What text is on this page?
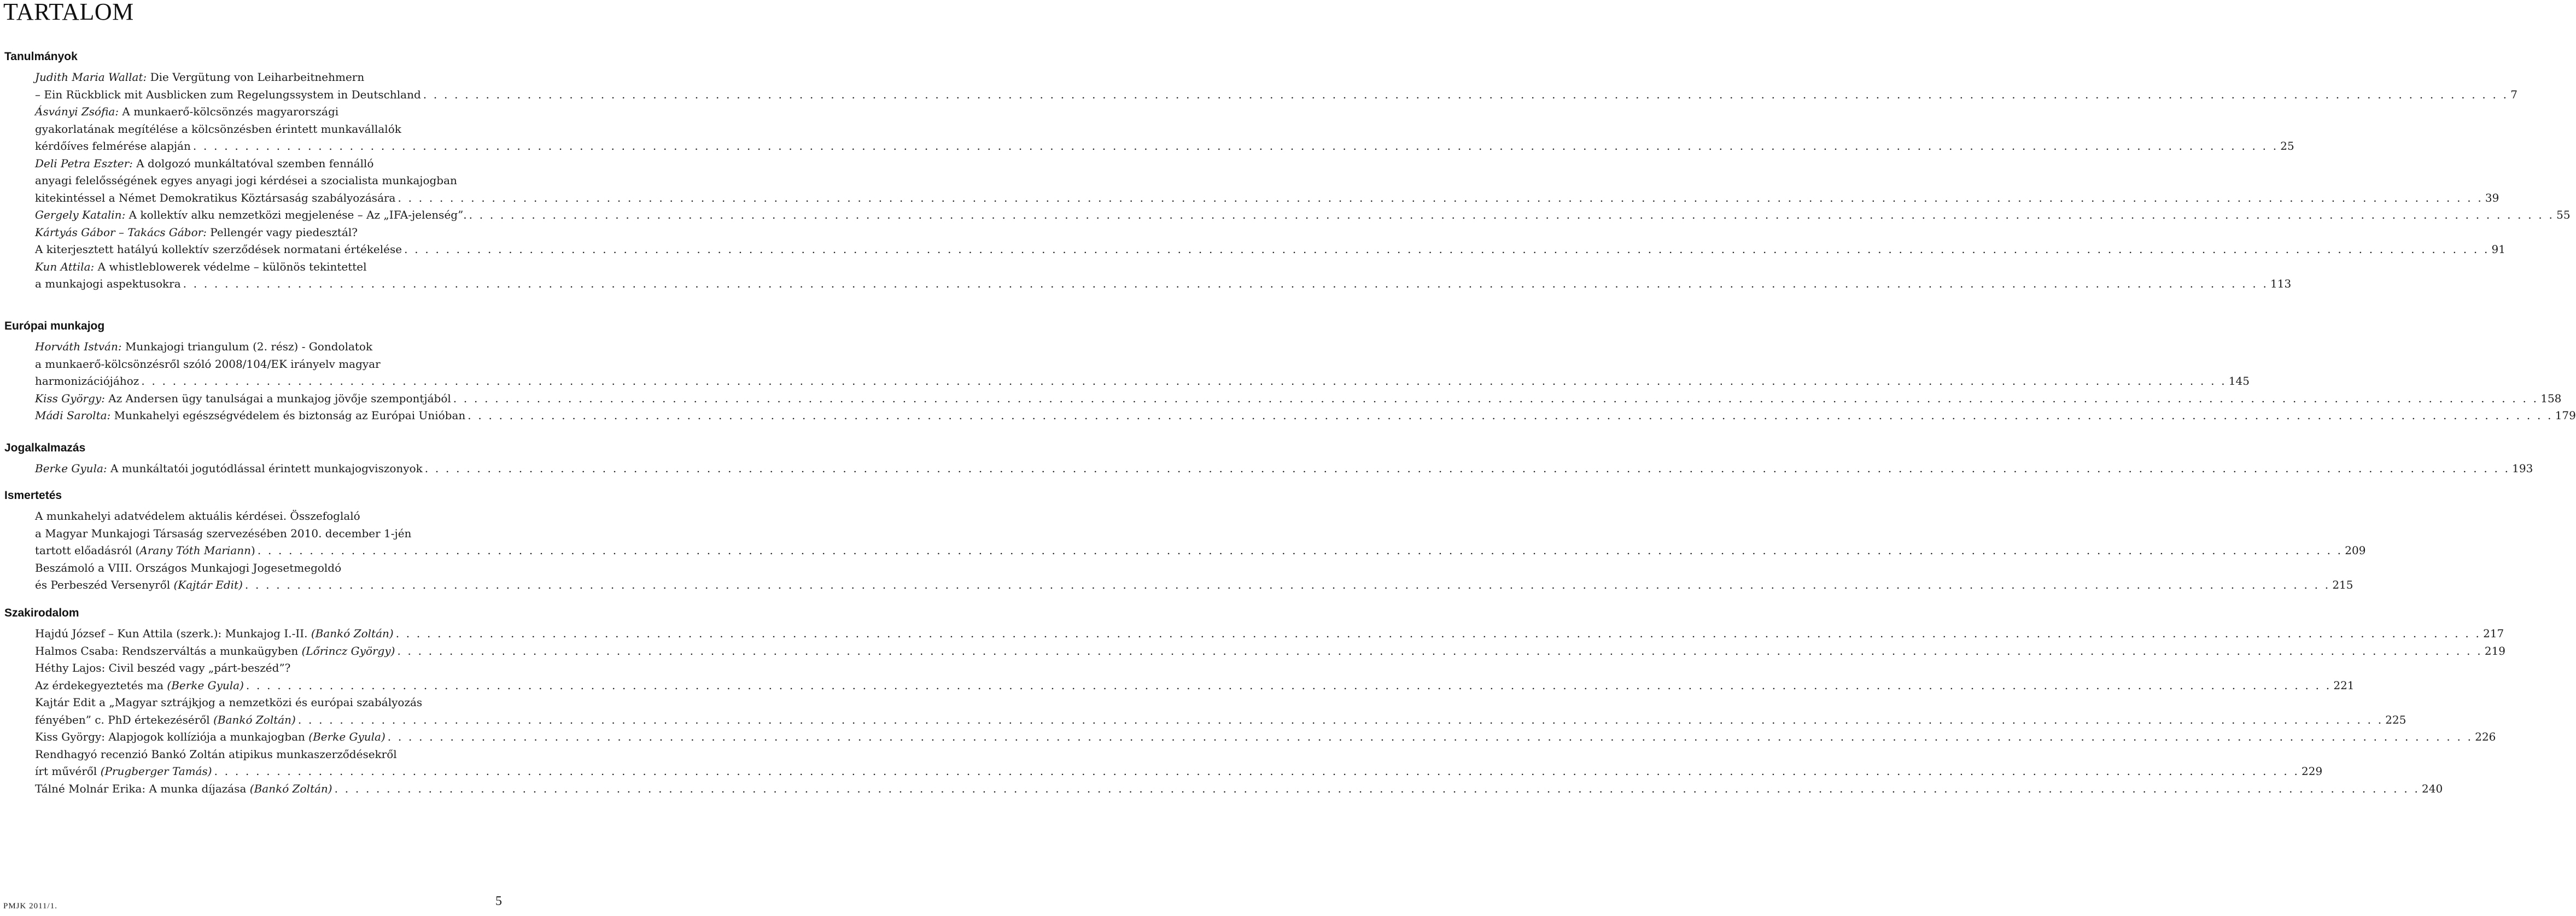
TARTALOM
Tanulmányok
Judith Maria Wallat: Die Vergütung von Leiharbeitnehmern
– Ein Rückblick mit Ausblicken zum Regelungssystem in Deutschland . . . . . . . . . . . . . . . . . . . . . . . . . . . . . . . . . . . . . . . . . . . . . . . . . . . . . . . . . . . . . . . . . . . . . . . . . . . . . . . . . . . . . . . . . . . . . . . . . . . . . . . . . . . . . . . . . . . . . . . . . . . . . . . . . . . . . . . . . . . . . . . . . . . . . . . . . . . . . . . . . . . . . . . . . . . . . . . . . . . . . . . . . . . . . . . . . . . . . . . . 7
Ásványi Zsófia: A munkaerő-kölcsönzés magyarországi
gyakorlatának megítélése a kölcsönzésben érintett munkavállalók
kérdőíves felmérése alapján . . . . . . . . . . . . . . . . . . . . . . . . . . . . . . . . . . . . . . . . . . . . . . . . . . . . . . . . . . . . . . . . . . . . . . . . . . . . . . . . . . . . . . . . . . . . . . . . . . . . . . . . . . . . . . . . . . . . . . . . . . . . . . . . . . . . . . . . . . . . . . . . . . . . . . . . . . . . . . . . . . . . . . . . . . . . . . . . . . . . . . . . . . . . . . . . . . . . . . . . 25
Deli Petra Eszter: A dolgozó munkáltatóval szemben fennálló
anyagi felelősségének egyes anyagi jogi kérdései a szocialista munkajogban
kitekintéssel a Német Demokratikus Köztársaság szabályozására . . . . . . . . . . . . . . . . . . . . . . . . . . . . . . . . . . . . . . . . . . . . . . . . . . . . . . . . . . . . . . . . . . . . . . . . . . . . . . . . . . . . . . . . . . . . . . . . . . . . . . . . . . . . . . . . . . . . . . . . . . . . . . . . . . . . . . . . . . . . . . . . . . . . . . . . . . . . . . . . . . . . . . . . . . . . . . . . . . . . . . . . . . . . . . . . . . . . . . . . 39
Gergely Katalin: A kollektív alku nemzetközi megjelenése – Az „IFA-jelenség”. . . . . . . . . . . . . . . . . . . . . . . . . . . . . . . . . . . . . . . . . . . . . . . . . . . . . . . . . . . . . . . . . . . . . . . . . . . . . . . . . . . . . . . . . . . . . . . . . . . . . . . . . . . . . . . . . . . . . . . . . . . . . . . . . . . . . . . . . . . . . . . . . . . . . . . . . . . . . . . . . . . . . . . . . . . . . . . . . . . . . . . . . . . . . . . . . . . . . . . . . 55
Kártyás Gábor – Takács Gábor: Pellengér vagy piedesztál?
A kiterjesztett hatályú kollektív szerződések normatani értékelése . . . . . . . . . . . . . . . . . . . . . . . . . . . . . . . . . . . . . . . . . . . . . . . . . . . . . . . . . . . . . . . . . . . . . . . . . . . . . . . . . . . . . . . . . . . . . . . . . . . . . . . . . . . . . . . . . . . . . . . . . . . . . . . . . . . . . . . . . . . . . . . . . . . . . . . . . . . . . . . . . . . . . . . . . . . . . . . . . . . . . . . . . . . . . . . . . . . . . . . . 91
Kun Attila: A whistleblowerek védelme – különös tekintettel
a munkajogi aspektusokra . . . . . . . . . . . . . . . . . . . . . . . . . . . . . . . . . . . . . . . . . . . . . . . . . . . . . . . . . . . . . . . . . . . . . . . . . . . . . . . . . . . . . . . . . . . . . . . . . . . . . . . . . . . . . . . . . . . . . . . . . . . . . . . . . . . . . . . . . . . . . . . . . . . . . . . . . . . . . . . . . . . . . . . . . . . . . . . . . . . . . . . . . . . . . . . . . . . . . . . . 113
Európai munkajog
Horváth István: Munkajogi triangulum (2. rész) - Gondolatok
a munkaerő-kölcsönzésről szóló 2008/104/EK irányelv magyar
harmonizációjához . . . . . . . . . . . . . . . . . . . . . . . . . . . . . . . . . . . . . . . . . . . . . . . . . . . . . . . . . . . . . . . . . . . . . . . . . . . . . . . . . . . . . . . . . . . . . . . . . . . . . . . . . . . . . . . . . . . . . . . . . . . . . . . . . . . . . . . . . . . . . . . . . . . . . . . . . . . . . . . . . . . . . . . . . . . . . . . . . . . . . . . . . . . . . . . . . . . . . . . . 145
Kiss György: Az Andersen ügy tanulságai a munkajog jövője szempontjából . . . . . . . . . . . . . . . . . . . . . . . . . . . . . . . . . . . . . . . . . . . . . . . . . . . . . . . . . . . . . . . . . . . . . . . . . . . . . . . . . . . . . . . . . . . . . . . . . . . . . . . . . . . . . . . . . . . . . . . . . . . . . . . . . . . . . . . . . . . . . . . . . . . . . . . . . . . . . . . . . . . . . . . . . . . . . . . . . . . . . . . . . . . . . . . . . . . . . . . . 158
Mádi Sarolta: Munkahelyi egészségvédelem és biztonság az Európai Unióban . . . . . . . . . . . . . . . . . . . . . . . . . . . . . . . . . . . . . . . . . . . . . . . . . . . . . . . . . . . . . . . . . . . . . . . . . . . . . . . . . . . . . . . . . . . . . . . . . . . . . . . . . . . . . . . . . . . . . . . . . . . . . . . . . . . . . . . . . . . . . . . . . . . . . . . . . . . . . . . . . . . . . . . . . . . . . . . . . . . . . . . . . . . . . . . . . . . . . . . . 179
Jogalkalmazás
Berke Gyula: A munkáltatói jogutódlással érintett munkajogviszonyok . . . . . . . . . . . . . . . . . . . . . . . . . . . . . . . . . . . . . . . . . . . . . . . . . . . . . . . . . . . . . . . . . . . . . . . . . . . . . . . . . . . . . . . . . . . . . . . . . . . . . . . . . . . . . . . . . . . . . . . . . . . . . . . . . . . . . . . . . . . . . . . . . . . . . . . . . . . . . . . . . . . . . . . . . . . . . . . . . . . . . . . . . . . . . . . . . . . . . . . . 193
Ismertetés
A munkahelyi adatvédelem aktuális kérdései. Összefoglaló
a Magyar Munkajogi Társaság szervezésében 2010. december 1-jén
tartott előadásról (Arany Tóth Mariann) . . . . . . . . . . . . . . . . . . . . . . . . . . . . . . . . . . . . . . . . . . . . . . . . . . . . . . . . . . . . . . . . . . . . . . . . . . . . . . . . . . . . . . . . . . . . . . . . . . . . . . . . . . . . . . . . . . . . . . . . . . . . . . . . . . . . . . . . . . . . . . . . . . . . . . . . . . . . . . . . . . . . . . . . . . . . . . . . . . . . . . . . . . . . . . . . . . . . . . . . 209
Beszámoló a VIII. Országos Munkajogi Jogesetmegoldó
és Perbeszéd Versenyről (Kajtár Edit) . . . . . . . . . . . . . . . . . . . . . . . . . . . . . . . . . . . . . . . . . . . . . . . . . . . . . . . . . . . . . . . . . . . . . . . . . . . . . . . . . . . . . . . . . . . . . . . . . . . . . . . . . . . . . . . . . . . . . . . . . . . . . . . . . . . . . . . . . . . . . . . . . . . . . . . . . . . . . . . . . . . . . . . . . . . . . . . . . . . . . . . . . . . . . . . . . . . . . . . . 215
Szakirodalom
Hajdú József – Kun Attila (szerk.): Munkajog I.-II. (Bankó Zoltán) . . . . . . . . . . . . . . . . . . . . . . . . . . . . . . . . . . . . . . . . . . . . . . . . . . . . . . . . . . . . . . . . . . . . . . . . . . . . . . . . . . . . . . . . . . . . . . . . . . . . . . . . . . . . . . . . . . . . . . . . . . . . . . . . . . . . . . . . . . . . . . . . . . . . . . . . . . . . . . . . . . . . . . . . . . . . . . . . . . . . . . . . . . . . . . . . . . . . . . . . 217
Halmos Csaba: Rendszerváltás a munkaügyben (Lőrincz György) . . . . . . . . . . . . . . . . . . . . . . . . . . . . . . . . . . . . . . . . . . . . . . . . . . . . . . . . . . . . . . . . . . . . . . . . . . . . . . . . . . . . . . . . . . . . . . . . . . . . . . . . . . . . . . . . . . . . . . . . . . . . . . . . . . . . . . . . . . . . . . . . . . . . . . . . . . . . . . . . . . . . . . . . . . . . . . . . . . . . . . . . . . . . . . . . . . . . . . . . 219
Héthy Lajos: Civil beszéd vagy „párt-beszéd”?
Az érdekegyeztetés ma (Berke Gyula) . . . . . . . . . . . . . . . . . . . . . . . . . . . . . . . . . . . . . . . . . . . . . . . . . . . . . . . . . . . . . . . . . . . . . . . . . . . . . . . . . . . . . . . . . . . . . . . . . . . . . . . . . . . . . . . . . . . . . . . . . . . . . . . . . . . . . . . . . . . . . . . . . . . . . . . . . . . . . . . . . . . . . . . . . . . . . . . . . . . . . . . . . . . . . . . . . . . . . . . . 221
Kajtár Edit a „Magyar sztrájkjog a nemzetközi és európai szabályozás
fényében” c. PhD értekezéséről (Bankó Zoltán) . . . . . . . . . . . . . . . . . . . . . . . . . . . . . . . . . . . . . . . . . . . . . . . . . . . . . . . . . . . . . . . . . . . . . . . . . . . . . . . . . . . . . . . . . . . . . . . . . . . . . . . . . . . . . . . . . . . . . . . . . . . . . . . . . . . . . . . . . . . . . . . . . . . . . . . . . . . . . . . . . . . . . . . . . . . . . . . . . . . . . . . . . . . . . . . . . . . . . . . . 225
Kiss György: Alapjogok kollíziója a munkajogban (Berke Gyula) . . . . . . . . . . . . . . . . . . . . . . . . . . . . . . . . . . . . . . . . . . . . . . . . . . . . . . . . . . . . . . . . . . . . . . . . . . . . . . . . . . . . . . . . . . . . . . . . . . . . . . . . . . . . . . . . . . . . . . . . . . . . . . . . . . . . . . . . . . . . . . . . . . . . . . . . . . . . . . . . . . . . . . . . . . . . . . . . . . . . . . . . . . . . . . . . . . . . . . . . 226
Rendhagyó recenzió Bankó Zoltán atipikus munkaszerződésekről
írt művéről (Prugberger Tamás) . . . . . . . . . . . . . . . . . . . . . . . . . . . . . . . . . . . . . . . . . . . . . . . . . . . . . . . . . . . . . . . . . . . . . . . . . . . . . . . . . . . . . . . . . . . . . . . . . . . . . . . . . . . . . . . . . . . . . . . . . . . . . . . . . . . . . . . . . . . . . . . . . . . . . . . . . . . . . . . . . . . . . . . . . . . . . . . . . . . . . . . . . . . . . . . . . . . . . . . . 229
Tálné Molnár Erika: A munka díjazása (Bankó Zoltán) . . . . . . . . . . . . . . . . . . . . . . . . . . . . . . . . . . . . . . . . . . . . . . . . . . . . . . . . . . . . . . . . . . . . . . . . . . . . . . . . . . . . . . . . . . . . . . . . . . . . . . . . . . . . . . . . . . . . . . . . . . . . . . . . . . . . . . . . . . . . . . . . . . . . . . . . . . . . . . . . . . . . . . . . . . . . . . . . . . . . . . . . . . . . . . . . . . . . . . . . 240
PMJK 2011/1.	5
